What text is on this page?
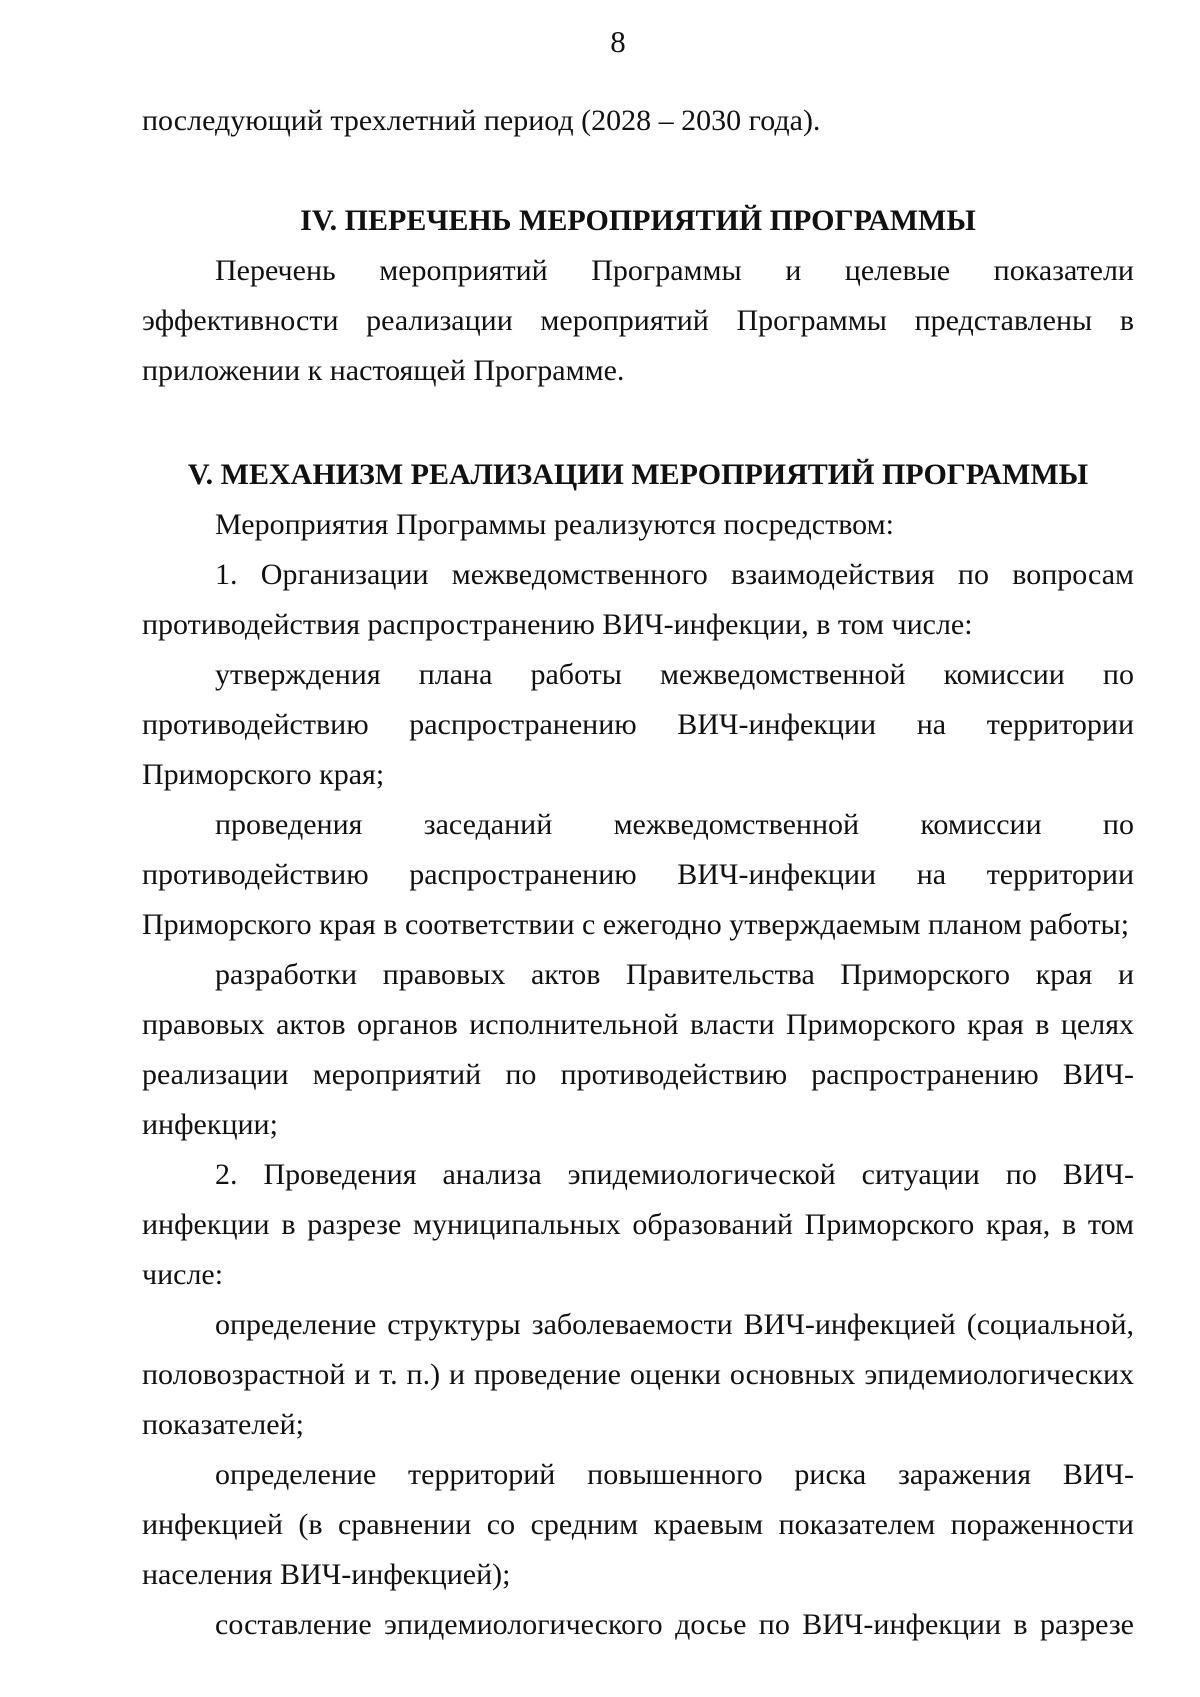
8

последующий трехлетний период (2028 – 2030 года).

IV. ПЕРЕЧЕНЬ МЕРОПРИЯТИЙ ПРОГРАММЫ

Перечень мероприятий Программы и целевые показатели эффективности реализации мероприятий Программы представлены в приложении к настоящей Программе.

V. МЕХАНИЗМ РЕАЛИЗАЦИИ МЕРОПРИЯТИЙ ПРОГРАММЫ

Мероприятия Программы реализуются посредством:

1. Организации межведомственного взаимодействия по вопросам противодействия распространению ВИЧ-инфекции, в том числе:

утверждения плана работы межведомственной комиссии по противодействию распространению ВИЧ-инфекции на территории Приморского края;

проведения заседаний межведомственной комиссии по противодействию распространению ВИЧ-инфекции на территории Приморского края в соответствии с ежегодно утверждаемым планом работы;

разработки правовых актов Правительства Приморского края и правовых актов органов исполнительной власти Приморского края в целях реализации мероприятий по противодействию распространению ВИЧ-инфекции;

2. Проведения анализа эпидемиологической ситуации по ВИЧ-инфекции в разрезе муниципальных образований Приморского края, в том числе:

определение структуры заболеваемости ВИЧ-инфекцией (социальной, половозрастной и т. п.) и проведение оценки основных эпидемиологических показателей;

определение территорий повышенного риска заражения ВИЧ-инфекцией (в сравнении со средним краевым показателем пораженности населения ВИЧ-инфекцией);

составление эпидемиологического досье по ВИЧ-инфекции в разрезе
